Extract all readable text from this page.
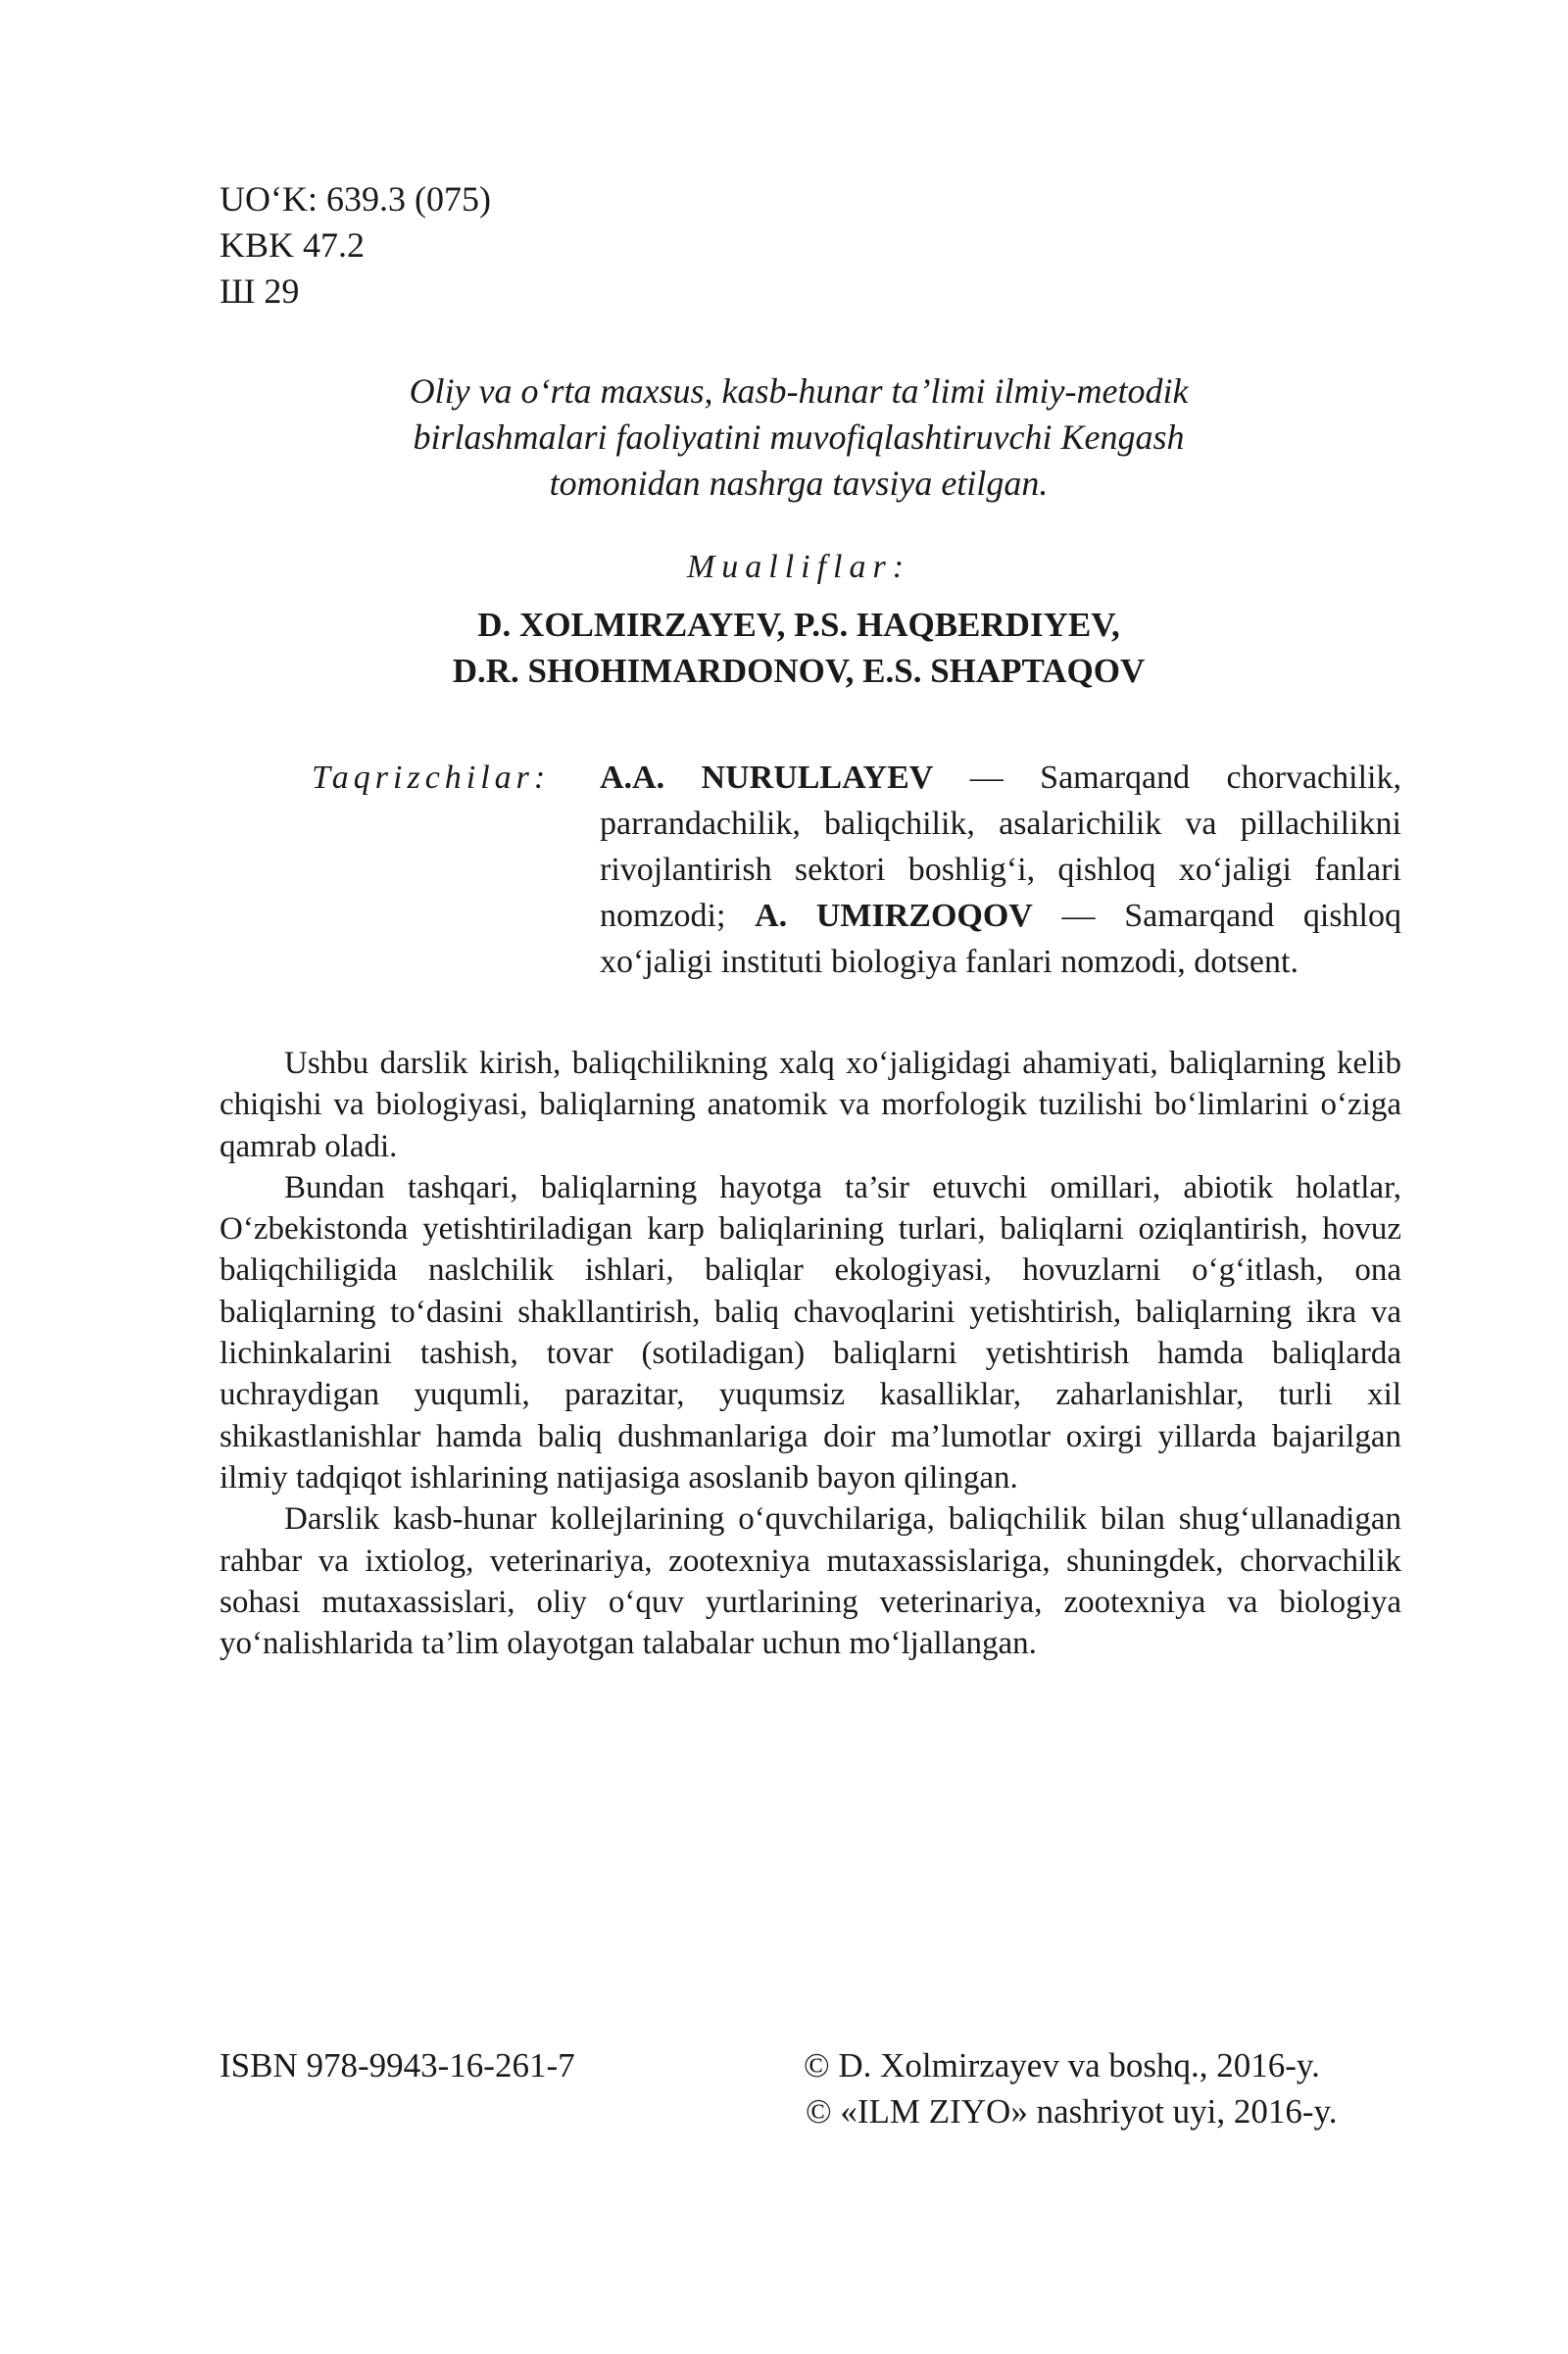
UO‘K: 639.3 (075)
KBK 47.2
Ш 29
Oliy va o‘rta maxsus, kasb-hunar ta’limi ilmiy-metodik
birlashmalari faoliyatini muvofiqlashtiruvchi Kengash
tomonidan nashrga tavsiya etilgan.
Mualliflar:
D. XOLMIRZAYEV, P.S. HAQBERDIYEV,
D.R. SHOHIMARDONOV, E.S. SHAPTAQOV
Taqrizchilar: A.A. NURULLAYEV — Samarqand chorvachilik, parrandachilik, baliqchilik, asalarichilik va pillachilikni rivojlantirish sektori boshlig‘i, qishloq xo‘jaligi fanlari nomzodi; A. UMIRZOQOV — Samarqand qishloq xo‘jaligi instituti biologiya fanlari nomzodi, dotsent.

Ushbu darslik kirish, baliqchilikning xalq xo‘jaligidagi ahamiyati, baliqlarning kelib chiqishi va biologiyasi, baliqlarning anatomik va morfologik tuzilishi bo‘limlarini o‘ziga qamrab oladi.

Bundan tashqari, baliqlarning hayotga ta’sir etuvchi omillari, abiotik holatlar, O‘zbekistonda yetishtiriladigan karp baliqlarining turlari, baliqlarni oziqlantirish, hovuz baliqchiligida naslchilik ishlari, baliqlar ekologiyasi, hovuzlarni o‘g‘itlash, ona baliqlarning to‘dasini shakllantirish, baliq chavoqlarini yetishtirish, baliqlarning ikra va lichinkalarini tashish, tovar (sotiladigan) baliqlarni yetishtirish hamda baliqlarda uchraydigan yuqumli, parazitar, yuqumsiz kasalliklar, zaharlanishlar, turli xil shikastlanishlar hamda baliq dushmanlariga doir ma’lumotlar oxirgi yillarda bajarilgan ilmiy tadqiqot ishlarining natijasiga asoslanib bayon qilingan.

Darslik kasb-hunar kollejlarining o‘quvchilariga, baliqchilik bilan shug‘ullanadigan rahbar va ixtiolog, veterinariya, zootexniya mutaxassislariga, shuningdek, chorvachilik sohasi mutaxassislari, oliy o‘quv yurtlarining veterinariya, zootexniya va biologiya yo‘nalishlarida ta’lim olayotgan talabalar uchun mo‘ljallangan.

ISBN 978-9943-16-261-7	© D. Xolmirzayev va boshq., 2016-y.
© «ILM ZIYO» nashriyot uyi, 2016-y.
